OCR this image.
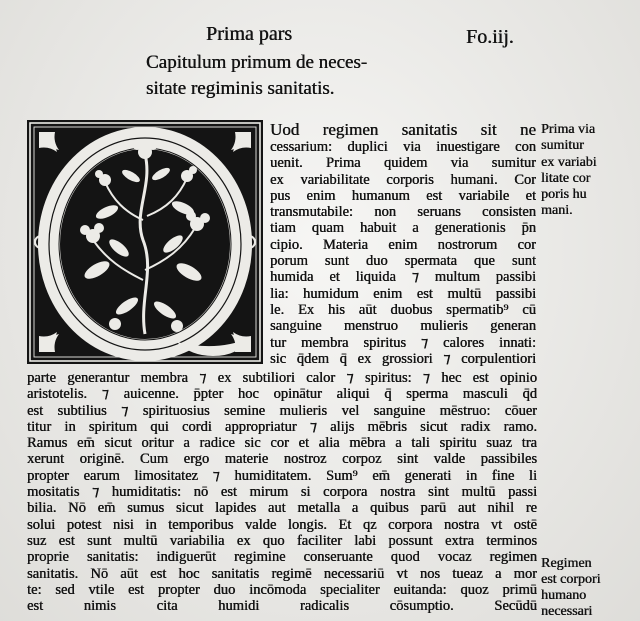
Prima pars	Fo.iij.
Capitulum primum de neces-
sitate regiminis sanitatis.
Uod regimen sanitatis sit ne
cessarium: duplici via inuestigare con
uenit. Prima quidem via sumitur
ex variabilitate corporis humani. Cor
pus enim humanum est variabile et
transmutabile: non seruans consisten
tiam quam habuit a generationis p̄n
cipio. Materia enim nostrorum cor
porum sunt duo spermata que sunt
humida et liquida ⁊ multum passibi
lia: humidum enim est multū passibi
le. Ex his aūt duobus spermatib⁹ cū
sanguine menstruo mulieris generan
tur membra spiritus ⁊ calores innati:
sic q̄dem q̄ ex grossiori ⁊ corpulentiori
parte generantur membra ⁊ ex subtiliori calor ⁊ spiritus: ⁊ hec est opinio
aristotelis. ⁊ auicenne. p̄pter hoc opinātur aliqui q̄ sperma masculi q̄d
est subtilius ⁊ spirituosius semine mulieris vel sanguine mēstruo: cōuer
titur in spiritum qui cordi appropriatur ⁊ alijs mēbris sicut radix ramo.
Ramus em̄ sicut oritur a radice sic cor et alia mēbra a tali spiritu suaz tra
xerunt originē. Cum ergo materie nostroz corpoz sint valde passibiles
propter earum limositatez ⁊ humiditatem. Sum⁹ em̄ generati in fine li
mositatis ⁊ humiditatis: nō est mirum si corpora nostra sint multū passi
bilia. Nō em̄ sumus sicut lapides aut metalla a quibus parū aut nihil re
solui potest nisi in temporibus valde longis. Et qz corpora nostra vt ostē
suz est sunt multū variabilia ex quo faciliter labi possunt extra terminos
proprie sanitatis: indiguerūt regimine conseruante quod vocaz regimen
sanitatis. Nō aūt est hoc sanitatis regimē necessariū vt nos tueaz a mor
te: sed vtile est propter duo incōmoda specialiter euitanda: quoz primū
est nimis cita humidi radicalis cōsumptio. Secūdū
Prima via
sumitur
ex variabi
litate cor
poris hu
mani.
Regimen
est corpori
humano
necessari
